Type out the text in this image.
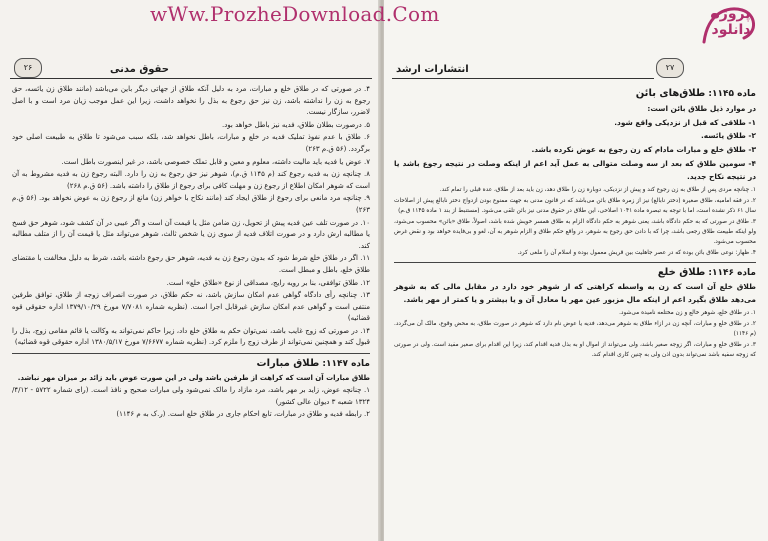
۲۶	حقوق مدنی

۴. در صورتی که در طلاق خلع و مبارات، مرد به دلیل آنکه طلاق از جهاتی دیگر باین می‌باشد (مانند طلاق زن یائسه، حق رجوع به زن را نداشته باشد، زن نیز حق رجوع به بذل را نخواهد داشت، زیرا این عمل موجب زیان مرد است و با اصل لاضرر، سازگار نیست.

۵. درصورت بطلان طلاق، فدیه نیز باطل خواهد بود.

۶. طلاق با عدم نفوذ تملیک فدیه در خلع و مبارات، باطل نخواهد شد، بلکه سبب می‌شود تا طلاق به طبیعت اصلی خود برگردد. (۵۶ ق.م ۲۶۳)

۷. عوض یا فدیه باید مالیت داشته، معلوم و معین و قابل تملک خصوصی باشد، در غیر اینصورت باطل است.

۸. چنانچه زن به فدیه رجوع کند (م ۱۱۴۵ ق.م)، شوهر نیز حق رجوع به زن را دارد. البته رجوع زن به فدیه مشروط به آن است که شوهر امکان اطلاع از رجوع زن و مهلت کافی برای رجوع از طلاق را داشته باشد. (۵۶ ق.م ۲۶۸)

۹. چنانچه مرد مانعی برای رجوع از طلاق ایجاد کند (مانند نکاح با خواهر زن) مانع از رجوع زن به عوض نخواهد بود. (۵۶ ق.م ۲۶۳)

۱۰. در صورت تلف عین فدیه پیش از تحویل، زن ضامن مثل یا قیمت آن است و اگر عیبی در آن کشف شود، شوهر حق فسخ یا مطالبه ارش دارد و در صورت اتلاف فدیه از سوی زن یا شخص ثالث، شوهر می‌تواند مثل یا قیمت آن را از متلف مطالبه کند.

۱۱. اگر در طلاق خلع شرط شود که بدون رجوع زن به فدیه، شوهر حق رجوع داشته باشد، شرط به دلیل مخالفت با مقتضای طلاق خلع، باطل و مبطل است.

۱۲. طلاق توافقی، بنا بر رویه رایج، مصداقی از نوع «طلاق خلع» است.

۱۳. چنانچه رأی دادگاه گواهی عدم امکان سازش باشد، نه حکم طلاق، در صورت انصراف زوجه از طلاق، توافق طرفین منتفی است و گواهی عدم امکان سازش غیرقابل اجرا است. (نظریه شماره ۷/۷۰۸۱ مورخ ۱۳۷۹/۱۰/۲۹ اداره حقوقی قوه قضائیه)

۱۴. در صورتی که زوج غایب باشد، نمی‌توان حکم به طلاق خلع داد، زیرا حاکم نمی‌تواند به وکالت یا قائم مقامی زوج، بذل را قبول کند و همچنین نمی‌تواند از طرف زوج را ملزم کرد. (نظریه شماره ۷/۶۶۷۷ مورخ ۱۳۸۰/۵/۱۷ اداره حقوقی قوه قضائیه)

ماده ۱۱۴۷: طلاق مبارات

طلاق مبارات آن است که کراهت از طرفین باشد ولی در این صورت عوض باید زائد بر میزان مهر نباشد.

۱. چنانچه عوض، زاید بر مهر باشد، مرد مازاد را مالک نمی‌شود ولی مبارات صحیح و نافذ است. (رای شماره ۵۷۲۲ - ۴/۱۲/ ۱۳۲۴ شعبه ۳ دیوان عالی کشور)

۲. رابطه فدیه و طلاق در مبارات، تابع احکام جاری در طلاق خلع است. (ر.ک به م ۱۱۴۶)

۲۷
انتشارات ارشد

ماده ۱۱۴۵: طلاق‌های بائن

در موارد ذیل طلاق بائن است:

۱- طلاقی که قبل از نزدیکی واقع شود.

۲- طلاق یائسه.

۳- طلاق خلع و مبارات مادام که زن رجوع به عوض نکرده باشد.

۴- سومین طلاق که بعد از سه وصلت متوالی به عمل آید اعم از اینکه وصلت در نتیجه رجوع باشد یا در نتیجه نکاح جدید.

۱. چنانچه مردی پس از طلاق به زن رجوع کند و پیش از نزدیکی، دوباره زن را طلاق دهد، زن باید بعد از طلاق، عده قبلی را تمام کند.

۲. در فقه امامیه، طلاق صغیره (دختر نابالغ) نیز از زمره طلاق بائن می‌باشد که در قانون مدنی به جهت ممنوع بودن ازدواج دختر نابالغ پیش از اصلاحات سال ۶۱ ذکر نشده است، اما با توجه به تبصره ماده ۱۰۴۱ اصلاحی، این طلاق در حقوق مدنی نیز بائن تلقی می‌شود. (مستنبط از بند ۱ ماده ۱۱۴۵ ق.م)

۳. طلاق در صورتی که به حکم دادگاه باشد، یعنی شوهر به حکم دادگاه الزام به طلاق همسر خویش شده باشد، اصولاً، طلاق «بائن» محسوب می‌شود، ولو اینکه طبیعت طلاق رجعی باشد، چرا که با دادن حق رجوع به شوهر، در واقع حکم طلاق و الزام شوهر به آن، لغو و بی‌فایده خواهد بود و نقض غرض محسوب می‌شود.

۴. ظهار: نوعی طلاق بائن بوده که در عصر جاهلیت بین قریش معمول بوده و اسلام آن را ملغی کرد.

ماده ۱۱۴۶: طلاق خلع

طلاق خلع آن است که زن به واسطه کراهتی که از شوهر خود دارد در مقابل مالی که به شوهر می‌دهد طلاق بگیرد اعم از اینکه مال مزبور عین مهر یا معادل آن و یا بیشتر و یا کمتر از مهر باشد.

۱. در طلاق خلع، شوهر خالع و زن مختلعه نامیده می‌شود.

۲. در طلاق خلع و مبارات، آنچه زن در ازاء طلاق به شوهر می‌دهد، فدیه یا عوض نام دارد که شوهر در صورت طلاق، به محض وقوع، مالک آن می‌گردد. (م ۱۱۴۶)

۳. در طلاق خلع و مبارات، اگر زوجه صغیر باشد، ولی می‌تواند از اموال او به بذل فدیه اقدام کند، زیرا این اقدام برای صغیر مفید است. ولی در صورتی که زوجه سفیه باشد نمی‌تواند بدون اذن ولی به چنین کاری اقدام کند.

wWw.ProzheDownload.Com	پروژه دانلود
